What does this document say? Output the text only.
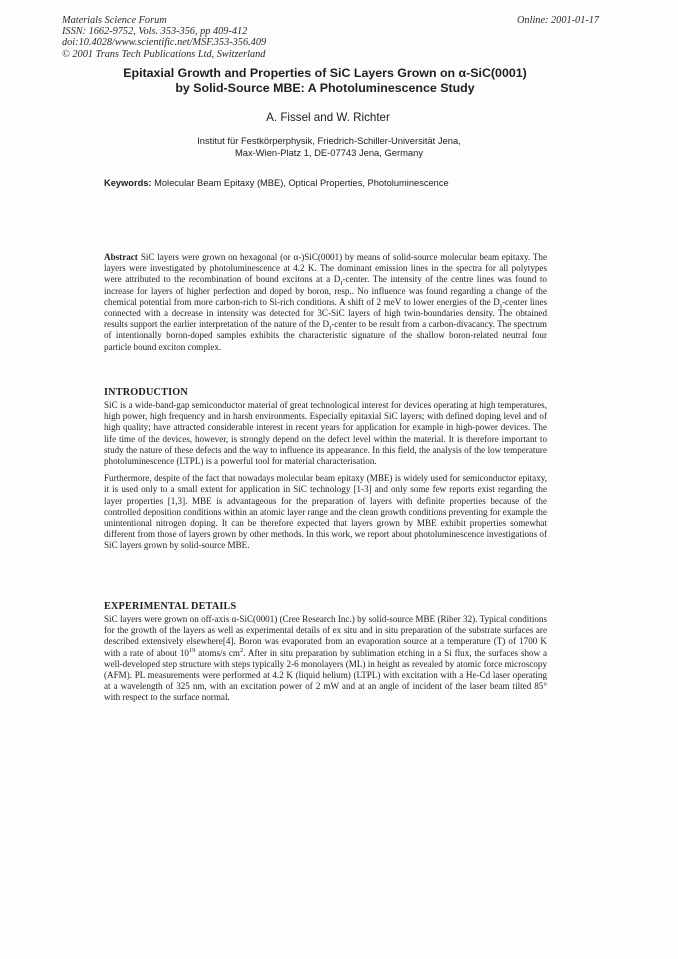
Materials Science Forum
ISSN: 1662-9752, Vols. 353-356, pp 409-412
doi:10.4028/www.scientific.net/MSF.353-356.409
© 2001 Trans Tech Publications Ltd, Switzerland
Online: 2001-01-17
Epitaxial Growth and Properties of SiC Layers Grown on α-SiC(0001)
by Solid-Source MBE: A Photoluminescence Study
A. Fissel and W. Richter
Institut für Festkörperphysik, Friedrich-Schiller-Universität Jena,
Max-Wien-Platz 1, DE-07743 Jena, Germany
Keywords: Molecular Beam Epitaxy (MBE), Optical Properties, Photoluminescence

Abstract SiC layers were grown on hexagonal (or α-)SiC(0001) by means of solid-source molecular beam epitaxy. The layers were investigated by photoluminescence at 4.2 K. The dominant emission lines in the spectra for all polytypes were attributed to the recombination of bound excitons at a $D_I$-center. The intensity of the centre lines was found to increase for layers of higher perfection and doped by boron, resp.. No influence was found regarding a change of the chemical potential from more carbon-rich to Si-rich conditions. A shift of 2 meV to lower energies of the $D_I$-center lines connected with a decrease in intensity was detected for 3C-SiC layers of high twin-boundaries density. The obtained results support the earlier interpretation of the nature of the $D_I$-center to be result from a carbon-divacancy. The spectrum of intentionally boron-doped samples exhibits the characteristic signature of the shallow boron-related neutral four particle bound exciton complex.

INTRODUCTION

SiC is a wide-band-gap semiconductor material of great technological interest for devices operating at high temperatures, high power, high frequency and in harsh environments. Especially epitaxial SiC layers; with defined doping level and of high quality; have attracted considerable interest in recent years for application for example in high-power devices. The life time of the devices, however, is strongly depend on the defect level within the material. It is therefore important to study the nature of these defects and the way to influence its appearance. In this field, the analysis of the low temperature photoluminescence (LTPL) is a powerful tool for material characterisation.

Furthermore, despite of the fact that nowadays molecular beam epitaxy (MBE) is widely used for semiconductor epitaxy, it is used only to a small extent for application in SiC technology [1-3] and only some few reports exist regarding the layer properties [1,3]. MBE is advantageous for the preparation of layers with definite properties because of the controlled deposition conditions within an atomic layer range and the clean growth conditions preventing for example the unintentional nitrogen doping. It can be therefore expected that layers grown by MBE exhibit properties somewhat different from those of layers grown by other methods. In this work, we report about photoluminescence investigations of SiC layers grown by solid-source MBE.

EXPERIMENTAL DETAILS

SiC layers were grown on off-axis α-SiC(0001) (Cree Research Inc.) by solid-source MBE (Riber 32). Typical conditions for the growth of the layers as well as experimental details of ex situ and in situ preparation of the substrate surfaces are described extensively elsewhere[4]. Boron was evaporated from an evaporation source at a temperature (T) of 1700 K with a rate of about $10^{19}$ atoms/s $cm^2$. After in situ preparation by sublimation etching in a Si flux, the surfaces show a well-developed step structure with steps typically 2-6 monolayers (ML) in height as revealed by atomic force microscopy (AFM). PL measurements were performed at 4.2 K (liquid helium) (LTPL) with excitation with a He-Cd laser operating at a wavelength of 325 nm, with an excitation power of 2 mW and at an angle of incident of the laser beam tilted 85° with respect to the surface normal.
